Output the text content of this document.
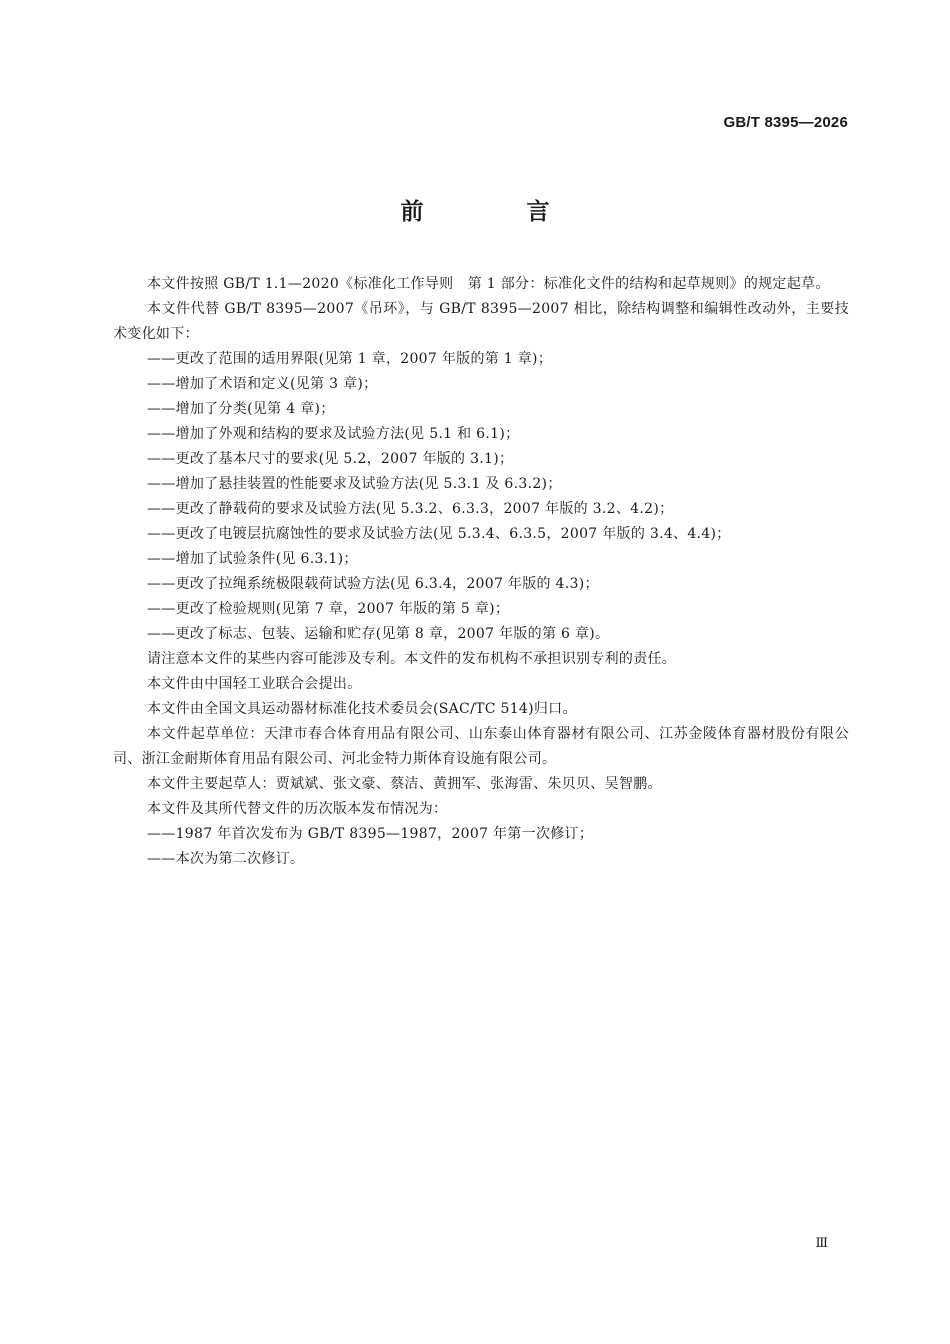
GB/T 8395—2026
前　言

本文件按照 GB/T 1.1—2020《标准化工作导则　第 1 部分：标准化文件的结构和起草规则》的规定起草。

本文件代替 GB/T 8395—2007《吊环》，与 GB/T 8395—2007 相比，除结构调整和编辑性改动外，主要技术变化如下：

——更改了范围的适用界限(见第 1 章，2007 年版的第 1 章)；

——增加了术语和定义(见第 3 章)；

——增加了分类(见第 4 章)；

——增加了外观和结构的要求及试验方法(见 5.1 和 6.1)；

——更改了基本尺寸的要求(见 5.2，2007 年版的 3.1)；

——增加了悬挂装置的性能要求及试验方法(见 5.3.1 及 6.3.2)；

——更改了静载荷的要求及试验方法(见 5.3.2、6.3.3，2007 年版的 3.2、4.2)；

——更改了电镀层抗腐蚀性的要求及试验方法(见 5.3.4、6.3.5，2007 年版的 3.4、4.4)；

——增加了试验条件(见 6.3.1)；

——更改了拉绳系统极限载荷试验方法(见 6.3.4，2007 年版的 4.3)；

——更改了检验规则(见第 7 章，2007 年版的第 5 章)；

——更改了标志、包装、运输和贮存(见第 8 章，2007 年版的第 6 章)。

请注意本文件的某些内容可能涉及专利。本文件的发布机构不承担识别专利的责任。

本文件由中国轻工业联合会提出。

本文件由全国文具运动器材标准化技术委员会(SAC/TC 514)归口。

本文件起草单位：天津市春合体育用品有限公司、山东泰山体育器材有限公司、江苏金陵体育器材股份有限公司、浙江金耐斯体育用品有限公司、河北金特力斯体育设施有限公司。

本文件主要起草人：贾斌斌、张文豪、蔡洁、黄拥军、张海雷、朱贝贝、吴智鹏。

本文件及其所代替文件的历次版本发布情况为：

——1987 年首次发布为 GB/T 8395—1987，2007 年第一次修订；

——本次为第二次修订。

Ⅲ
